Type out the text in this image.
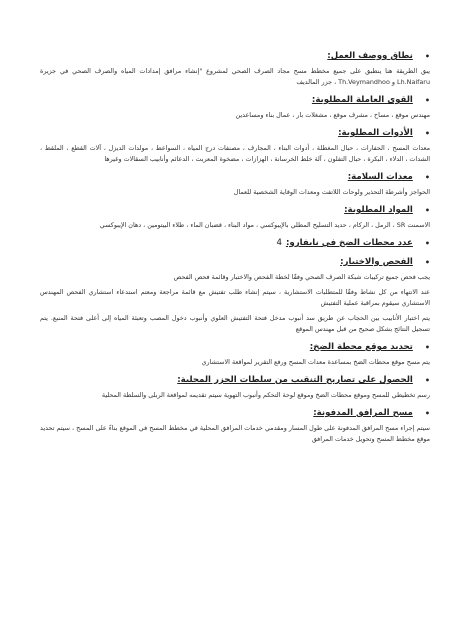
•
نطاق ووصف العمل:

يبق الطريقة هنا ينطبق على جميع مخطط مسح مجاد الصرف الصحي لمشروع "إنشاء مرافق إمدادات المياه والصرف الصحي في جزيرة Lh.Naifaru و Th.Veymandhoo ، جزر المالديف

•
القوى العاملة المطلوبة:

مهندس موقع ، مساح ، مشرف موقع ، مشغلات بار ، عمال بناء ومساعدين

•
الأدوات المطلوبة:

معدات المسح ، الحفارات ، حبال المغطلة ، أدوات البناء ، المجارف ، مصنفات درج المياه ، السواعط ، مولدات الديزل ، آلات القطع ، الملقط ، الشدات ، الدلاء ، البكرة ، حبال التفلون ، آلة خلط الخرسانة ، الهزازات ، مضخوة المعربت ، الدعائم وأنابيب السقالات وغيرها

•
معدات السلامة:

الحواجز وأشرطة التحذير ولوحات اللاتفت ومعدات الوقاية الشخصية للعمال

•
المواد المطلوبة:

الاسمنت SR ، الرمل ، الركام ، حديد التسليح المطلي بالإيبوكسي ، مواد البناء ، قضبان الماء ، طلاء البيتومين ، دهان الإيبوكسي

•
عدد محطات الضخ في نايفارو:
4
•
الفحص والاختبار:

يجب فحص جميع تركيبات شبكة الصرف الصحي وفقًا لخطة الفحص والاختبار وقائمة فحص الفحص

عند الانتهاء من كل نشاط وفقًا للمتطلبات الاستشارية ، سيتم إنشاء طلب تفتيش مع قائمة مراجعة ومعتم استدعاء استشاري الفحص المهندس الاستشاري سيقوم بمراقبة عملية التفتيش

يتم اختبار الأنابيب بين الحجاب عن طريق سد أنبوب مدخل فتحة التفتيش العلوي وأنبوب دخول المصب وتعبئة المياه إلى أعلى فتحة المنبع. يتم تسجيل النتائج بشكل صحيح من قبل مهندس الموقع

•
تحديد موقع محطة الضخ:

يتم مسح موقع محطات الضخ بمساعدة معدات المسح ورفع التقرير لمواقعة الاستشاري

•
الحصول على تصاريح التنقيب من سلطات الجزر المحلية:

رسم تخطيطي للمسح وموقع محطات الضخ وموقع لوحة التحكم وأنبوب التهوية سيتم تقديمه لمواقعة الربلى والسلطة المحلية

•
مسح المرافق المدفونة:

سيتم إجراء مسح المرافق المدفونة على طول المسار ومقدمي خدمات المرافق المحلية في مخطط المسح في الموقع بناءً على المسح ، سيتم تحديد موقع مخطط المسح وتحويل خدمات المرافق
